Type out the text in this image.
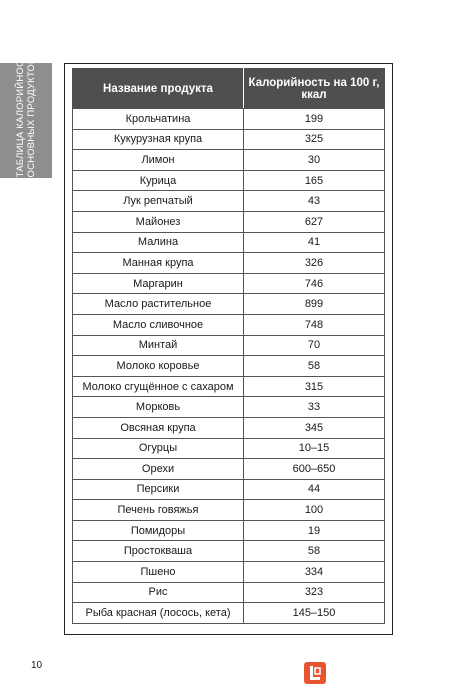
ТАБЛИЦА КАЛОРИЙНОСТИ ОСНОВНЫХ ПРОДУКТОВ	Название продукта	Калорийность на 100 г, ккал
Крольчатина	199
Кукурузная крупа	325
Лимон	30
Курица	165
Лук репчатый	43
Майонез	627
Малина	41
Манная крупа	326
Маргарин	746
Масло растительное	899
Масло сливочное	748
Минтай	70
Молоко коровье	58
Молоко сгущённое с сахаром	315
Морковь	33
Овсяная крупа	345
Огурцы	10–15
Орехи	600–650
Персики	44
Печень говяжья	100
Помидоры	19
Простокваша	58
Пшено	334
Рис	323
Рыба красная (лосось, кета)	145–150
10
